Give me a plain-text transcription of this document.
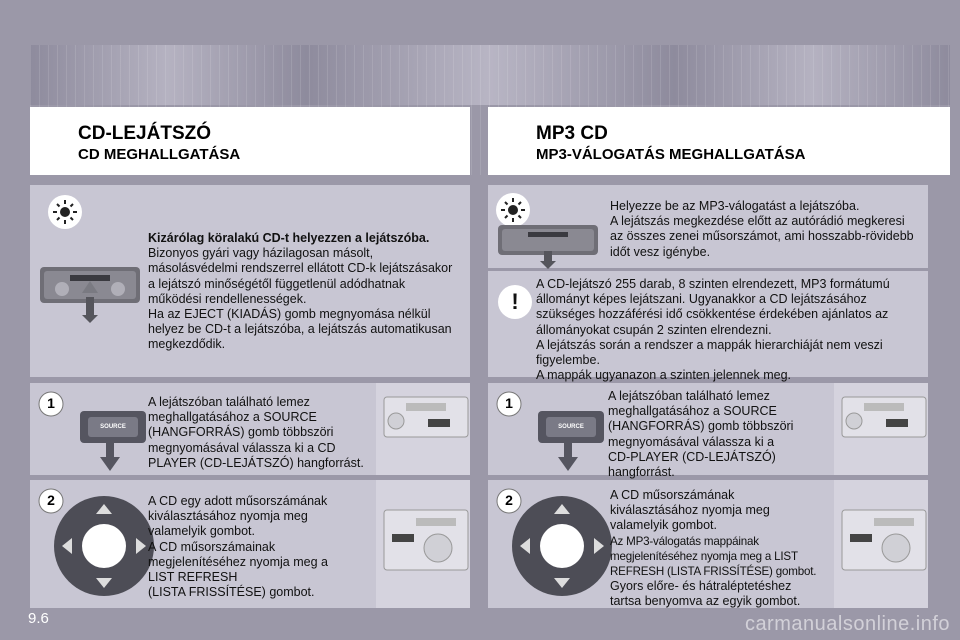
CD-LEJÁTSZÓ
CD MEGHALLGATÁSA

Kizárólag köralakú CD-t helyezzen a lejátszóba.

Bizonyos gyári vagy házilagosan másolt,

másolásvédelmi rendszerrel ellátott CD-k lejátszásakor

a lejátszó minőségétől függetlenül adódhatnak

működési rendellenességek.

Ha az EJECT (KIADÁS) gomb megnyomása nélkül

helyez be CD-t a lejátszóba, a lejátszás automatikusan

megkezdődik.

1
SOURCE

A lejátszóban található lemez

meghallgatásához a SOURCE

(HANGFORRÁS) gomb többszöri

megnyomásával válassza ki a CD

PLAYER (CD-LEJÁTSZÓ) hangforrást.

2	A CD egy adott műsorszámának

kiválasztásához nyomja meg

valamelyik gombot.

A CD műsorszámainak

megjelenítéséhez nyomja meg a

LIST REFRESH

(LISTA FRISSÍTÉSE) gombot.

MP3 CD
MP3-VÁLOGATÁS MEGHALLGATÁSA

Helyezze be az MP3-válogatást a lejátszóba.

A lejátszás megkezdése előtt az autórádió megkeresi

az összes zenei műsorszámot, ami hosszabb-rövidebb

időt vesz igénybe.

!

A CD-lejátszó 255 darab, 8 szinten elrendezett, MP3 formátumú

állományt képes lejátszani. Ugyanakkor a CD lejátszásához

szükséges hozzáférési idő csökkentése érdekében ajánlatos az

állományokat csupán 2 szinten elrendezni.

A lejátszás során a rendszer a mappák hierarchiáját nem veszi

figyelembe.

A mappák ugyanazon a szinten jelennek meg.

1
SOURCE

A lejátszóban található lemez

meghallgatásához a SOURCE

(HANGFORRÁS) gomb többszöri

megnyomásával válassza ki a

CD-PLAYER (CD-LEJÁTSZÓ)

hangforrást.

2	A CD műsorszámának

kiválasztásához nyomja meg

valamelyik gombot.

Az MP3-válogatás mappáinak

megjelenítéséhez nyomja meg a LIST

REFRESH (LISTA FRISSÍTÉSE) gombot.

Gyors előre- és hátraléptetéshez

tartsa benyomva az egyik gombot.

9.6	carmanualsonline.info
